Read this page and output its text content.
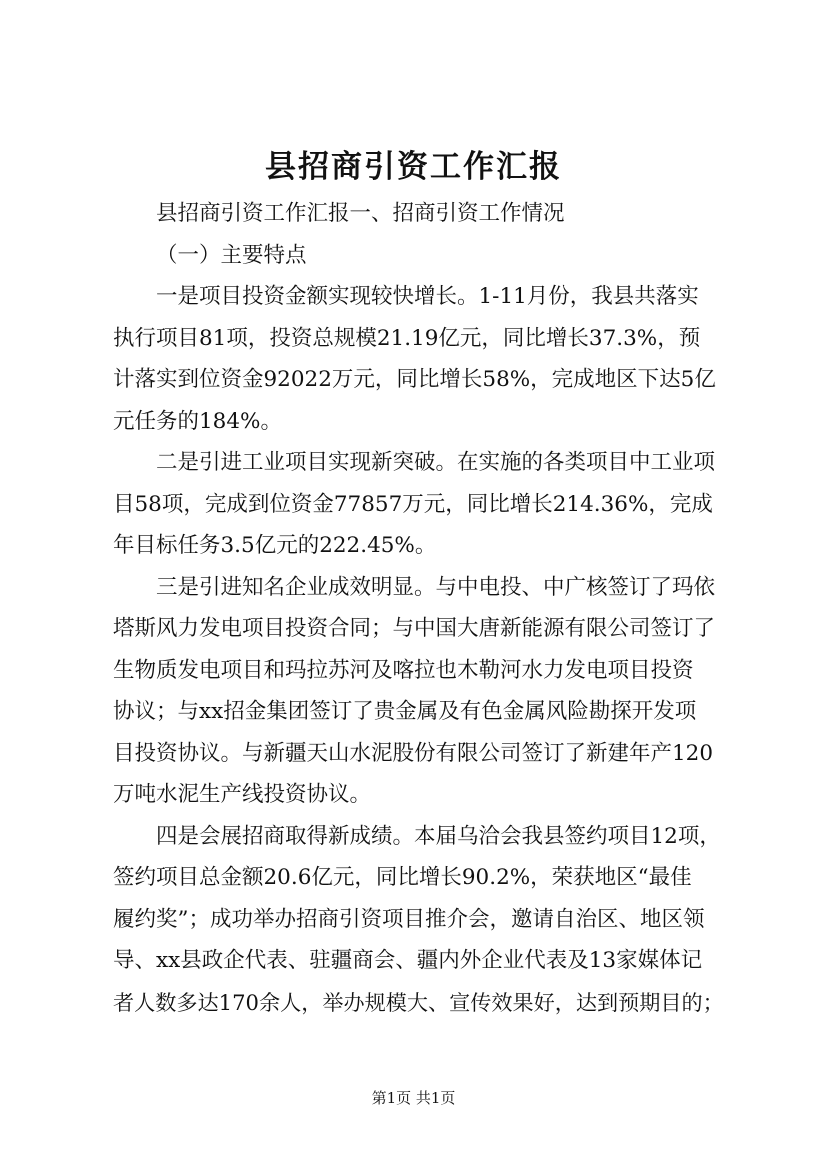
县招商引资工作汇报
县招商引资工作汇报一、招商引资工作情况
（一）主要特点
一是项目投资金额实现较快增长。1-11月份，我县共落实
执行项目81项，投资总规模21.19亿元，同比增长37.3%，预
计落实到位资金92022万元，同比增长58%，完成地区下达5亿
元任务的184%。
二是引进工业项目实现新突破。在实施的各类项目中工业项
目58项，完成到位资金77857万元，同比增长214.36%，完成
年目标任务3.5亿元的222.45%。
三是引进知名企业成效明显。与中电投、中广核签订了玛依
塔斯风力发电项目投资合同；与中国大唐新能源有限公司签订了
生物质发电项目和玛拉苏河及喀拉也木勒河水力发电项目投资
协议；与xx招金集团签订了贵金属及有色金属风险勘探开发项
目投资协议。与新疆天山水泥股份有限公司签订了新建年产120
万吨水泥生产线投资协议。
四是会展招商取得新成绩。本届乌洽会我县签约项目12项，
签约项目总金额20.6亿元，同比增长90.2%，荣获地区“最佳
履约奖”；成功举办招商引资项目推介会，邀请自治区、地区领
导、xx县政企代表、驻疆商会、疆内外企业代表及13家媒体记
者人数多达170余人，举办规模大、宣传效果好，达到预期目的；
第1页 共1页
